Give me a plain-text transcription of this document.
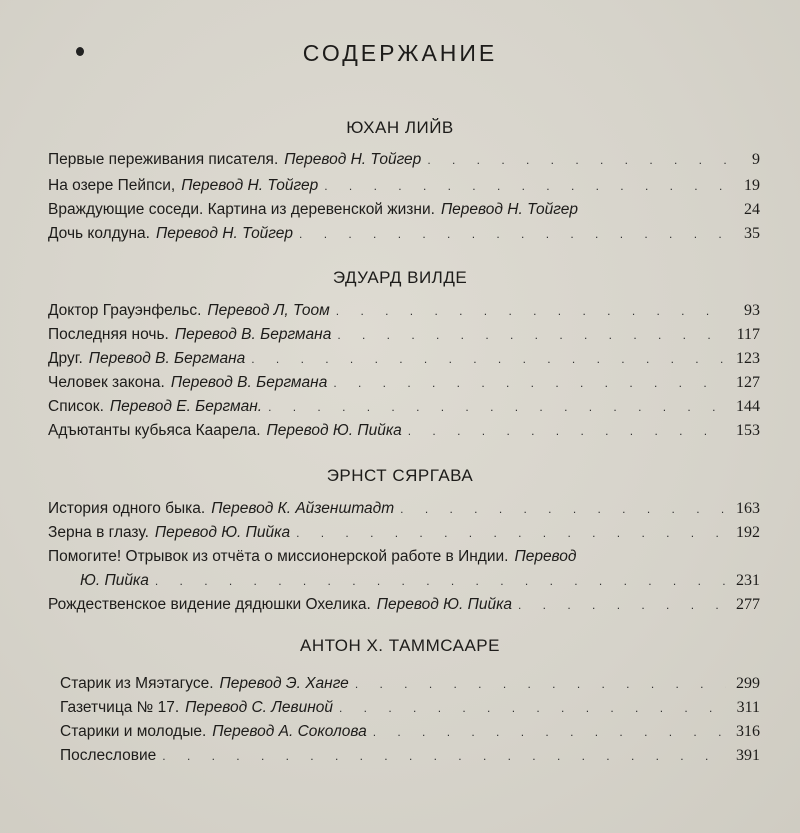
СОДЕРЖАНИЕ
ЮХАН ЛИЙВ
Первые переживания писателя. Перевод Н. Тойгер . . .	9
На озере Пейпси, Перевод Н. Тойгер . . .	19
Враждующие соседи. Картина из деревенской жизни. Перевод Н. Тойгер	24
Дочь колдуна. Перевод Н. Тойгер . . .	35
ЭДУАРД ВИЛДЕ
Доктор Грауэнфельс. Перевод Л, Тоом . . .	93
Последняя ночь. Перевод В. Бергмана . . .	117
Друг. Перевод В. Бергмана . . .	123
Человек закона. Перевод В. Бергмана . . .	127
Список. Перевод Е. Бергман. . . .	144
Адъютанты кубьяса Каарела. Перевод Ю. Пийка . . .	153
ЭРНСТ СЯРГАВА
История одного быка. Перевод К. Айзенштадт . . .	163
Зерна в глазу. Перевод Ю. Пийка . . .	192
Помогите! Отрывок из отчёта о миссионерской работе в Индии. Перевод
Ю. Пийка . . .	231
Рождественское видение дядюшки Охелика. Перевод Ю. Пийка . . .	277
АНТОН Х. ТАММСААРЕ
Старик из Мяэтагусе. Перевод Э. Ханге . . .	299
Газетчица № 17. Перевод С. Левиной . . .	311
Старики и молодые. Перевод А. Соколова . . .	316
Послесловие . . .	391
